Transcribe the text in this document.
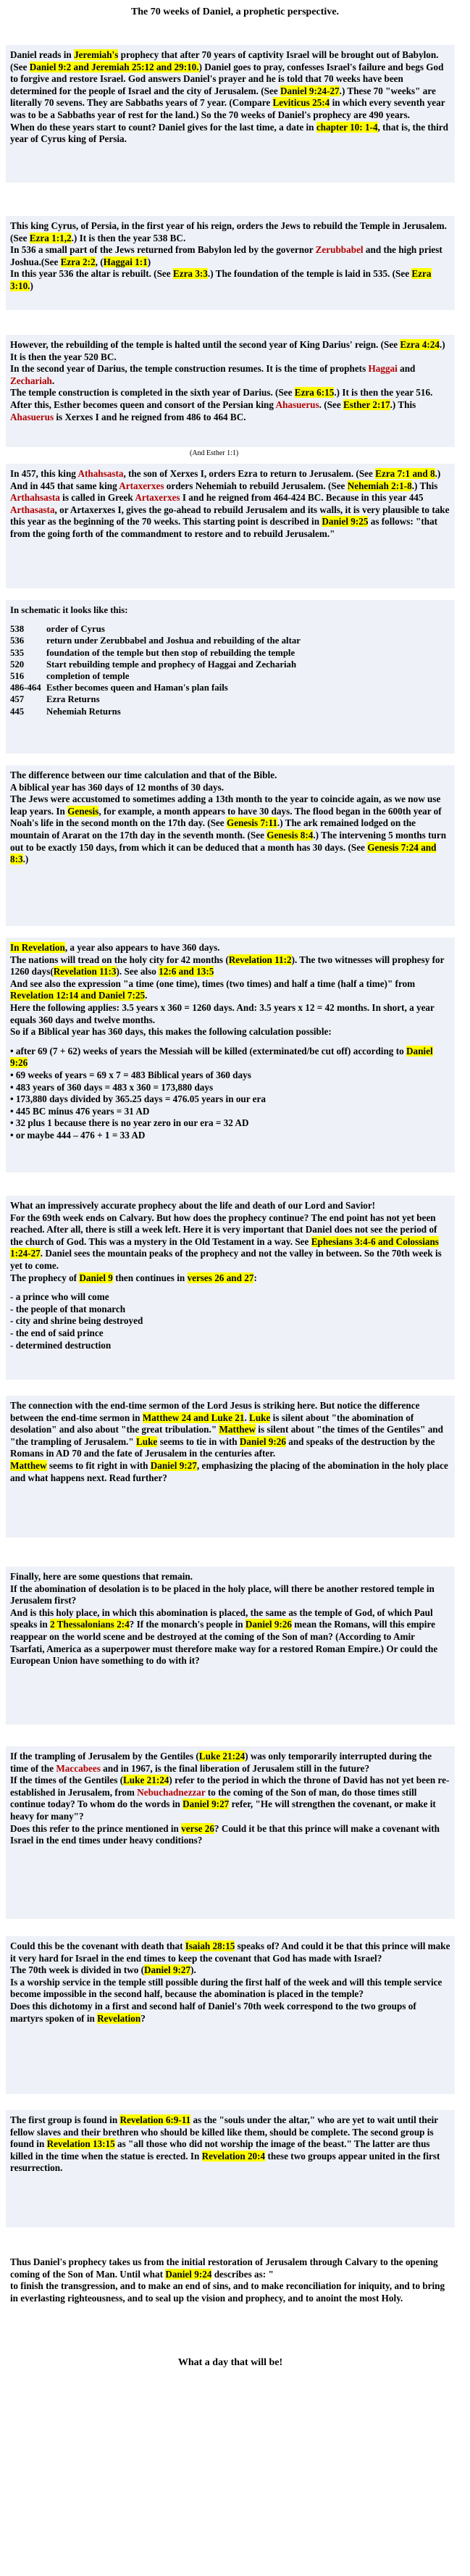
The 70 weeks of Daniel, a prophetic perspective.

Daniel reads in Jeremiah's prophecy that after 70 years of captivity Israel will be brought out of Babylon. (See Daniel 9:2 and Jeremiah 25:12 and 29:10.) Daniel goes to pray, confesses Israel's failure and begs God to forgive and restore Israel. God answers Daniel's prayer and he is told that 70 weeks have been determined for the people of Israel and the city of Jerusalem. (See Daniel 9:24-27.) These 70 "weeks" are literally 70 sevens. They are Sabbaths years of 7 year. (Compare Leviticus 25:4 in which every seventh year was to be a Sabbaths year of rest for the land.) So the 70 weeks of Daniel's prophecy are 490 years.

When do these years start to count? Daniel gives for the last time, a date in chapter 10: 1-4, that is, the third year of Cyrus king of Persia.

This king Cyrus, of Persia, in the first year of his reign, orders the Jews to rebuild the Temple in Jerusalem. (See Ezra 1:1,2.) It is then the year 538 BC.

In 536 a small part of the Jews returned from Babylon led by the governor Zerubbabel and the high priest Joshua.(See Ezra 2:2, (Haggai 1:1)

In this year 536 the altar is rebuilt. (See Ezra 3:3.) The foundation of the temple is laid in 535. (See Ezra 3:10.)

However, the rebuilding of the temple is halted until the second year of King Darius' reign. (See Ezra 4:24.) It is then the year 520 BC.

In the second year of Darius, the temple construction resumes. It is the time of prophets Haggai and Zechariah.

The temple construction is completed in the sixth year of Darius. (See Ezra 6:15.) It is then the year 516. After this, Esther becomes queen and consort of the Persian king Ahasuerus. (See Esther 2:17.) This Ahasuerus is Xerxes I and he reigned from 486 to 464 BC.

(And Esther 1:1)

In 457, this king Athahsasta, the son of Xerxes I, orders Ezra to return to Jerusalem. (See Ezra 7:1 and 8.) And in 445 that same king Artaxerxes orders Nehemiah to rebuild Jerusalem. (See Nehemiah 2:1-8.) This Arthahsasta is called in Greek Artaxerxes I and he reigned from 464-424 BC. Because in this year 445 Arthasasta, or Artaxerxes I, gives the go-ahead to rebuild Jerusalem and its walls, it is very plausible to take this year as the beginning of the 70 weeks. This starting point is described in Daniel 9:25 as follows: "that from the going forth of the commandment to restore and to rebuild Jerusalem."

In schematic it looks like this:

538	order of Cyrus
536	return under Zerubbabel and Joshua and rebuilding of the altar
535	foundation of the temple but then stop of rebuilding the temple
520	Start rebuilding temple and prophecy of Haggai and Zechariah
516	completion of temple
486-464 Esther becomes queen and Haman's plan fails
457	Ezra Returns
445	Nehemiah Returns

The difference between our time calculation and that of the Bible.

A biblical year has 360 days of 12 months of 30 days.

The Jews were accustomed to sometimes adding a 13th month to the year to coincide again, as we now use leap years. In Genesis, for example, a month appears to have 30 days. The flood began in the 600th year of Noah's life in the second month on the 17th day. (See Genesis 7:11.) The ark remained lodged on the mountain of Ararat on the 17th day in the seventh month. (See Genesis 8:4.) The intervening 5 months turn out to be exactly 150 days, from which it can be deduced that a month has 30 days. (See Genesis 7:24 and 8:3.)

In Revelation, a year also appears to have 360 days.

The nations will tread on the holy city for 42 months (Revelation 11:2). The two witnesses will prophesy for 1260 days(Revelation 11:3). See also 12:6 and 13:5

And see also the expression "a time (one time), times (two times) and half a time (half a time)" from Revelation 12:14 and Daniel 7:25.

Here the following applies: 3.5 years x 360 = 1260 days. And: 3.5 years x 12 = 42 months. In short, a year equals 360 days and twelve months.

So if a Biblical year has 360 days, this makes the following calculation possible:

• after 69 (7 + 62) weeks of years the Messiah will be killed (exterminated/be cut off) according to Daniel 9:26

• 69 weeks of years = 69 x 7 = 483 Biblical years of 360 days

• 483 years of 360 days = 483 x 360 = 173,880 days

• 173,880 days divided by 365.25 days = 476.05 years in our era

• 445 BC minus 476 years = 31 AD

• 32 plus 1 because there is no year zero in our era = 32 AD

• or maybe 444 – 476 + 1 = 33 AD

What an impressively accurate prophecy about the life and death of our Lord and Savior!

For the 69th week ends on Calvary. But how does the prophecy continue? The end point has not yet been reached. After all, there is still a week left. Here it is very important that Daniel does not see the period of the church of God. This was a mystery in the Old Testament in a way. See Ephesians 3:4-6 and Colossians 1:24-27. Daniel sees the mountain peaks of the prophecy and not the valley in between. So the 70th week is yet to come.

The prophecy of Daniel 9 then continues in verses 26 and 27:

- a prince who will come

- the people of that monarch

- city and shrine being destroyed

- the end of said prince

- determined destruction

The connection with the end-time sermon of the Lord Jesus is striking here. But notice the difference between the end-time sermon in Matthew 24 and Luke 21. Luke is silent about "the abomination of desolation" and also about "the great tribulation." Matthew is silent about "the times of the Gentiles" and "the trampling of Jerusalem." Luke seems to tie in with Daniel 9:26 and speaks of the destruction by the Romans in AD 70 and the fate of Jerusalem in the centuries after.

Matthew seems to fit right in with Daniel 9:27, emphasizing the placing of the abomination in the holy place and what happens next. Read further?

Finally, here are some questions that remain.

If the abomination of desolation is to be placed in the holy place, will there be another restored temple in Jerusalem first?

And is this holy place, in which this abomination is placed, the same as the temple of God, of which Paul speaks in 2 Thessalonians 2:4? If the monarch's people in Daniel 9:26 mean the Romans, will this empire reappear on the world scene and be destroyed at the coming of the Son of man? (According to Amir Tsarfati, America as a superpower must therefore make way for a restored Roman Empire.) Or could the European Union have something to do with it?

If the trampling of Jerusalem by the Gentiles (Luke 21:24) was only temporarily interrupted during the time of the Maccabees and in 1967, is the final liberation of Jerusalem still in the future?

If the times of the Gentiles (Luke 21:24) refer to the period in which the throne of David has not yet been re-established in Jerusalem, from Nebuchadnezzar to the coming of the Son of man, do those times still continue today? To whom do the words in Daniel 9:27 refer, "He will strengthen the covenant, or make it heavy for many"?

Does this refer to the prince mentioned in verse 26? Could it be that this prince will make a covenant with Israel in the end times under heavy conditions?

Could this be the covenant with death that Isaiah 28:15 speaks of? And could it be that this prince will make it very hard for Israel in the end times to keep the covenant that God has made with Israel?

The 70th week is divided in two (Daniel 9:27).

Is a worship service in the temple still possible during the first half of the week and will this temple service become impossible in the second half, because the abomination is placed in the temple?

Does this dichotomy in a first and second half of Daniel's 70th week correspond to the two groups of martyrs spoken of in Revelation?

The first group is found in Revelation 6:9-11 as the "souls under the altar," who are yet to wait until their fellow slaves and their brethren who should be killed like them, should be complete. The second group is found in Revelation 13:15 as "all those who did not worship the image of the beast." The latter are thus killed in the time when the statue is erected. In Revelation 20:4 these two groups appear united in the first resurrection.

Thus Daniel's prophecy takes us from the initial restoration of Jerusalem through Calvary to the opening coming of the Son of Man. Until what Daniel 9:24 describes as: "

to finish the transgression, and to make an end of sins, and to make reconciliation for iniquity, and to bring in everlasting righteousness, and to seal up the vision and prophecy, and to anoint the most Holy.

What a day that will be!
